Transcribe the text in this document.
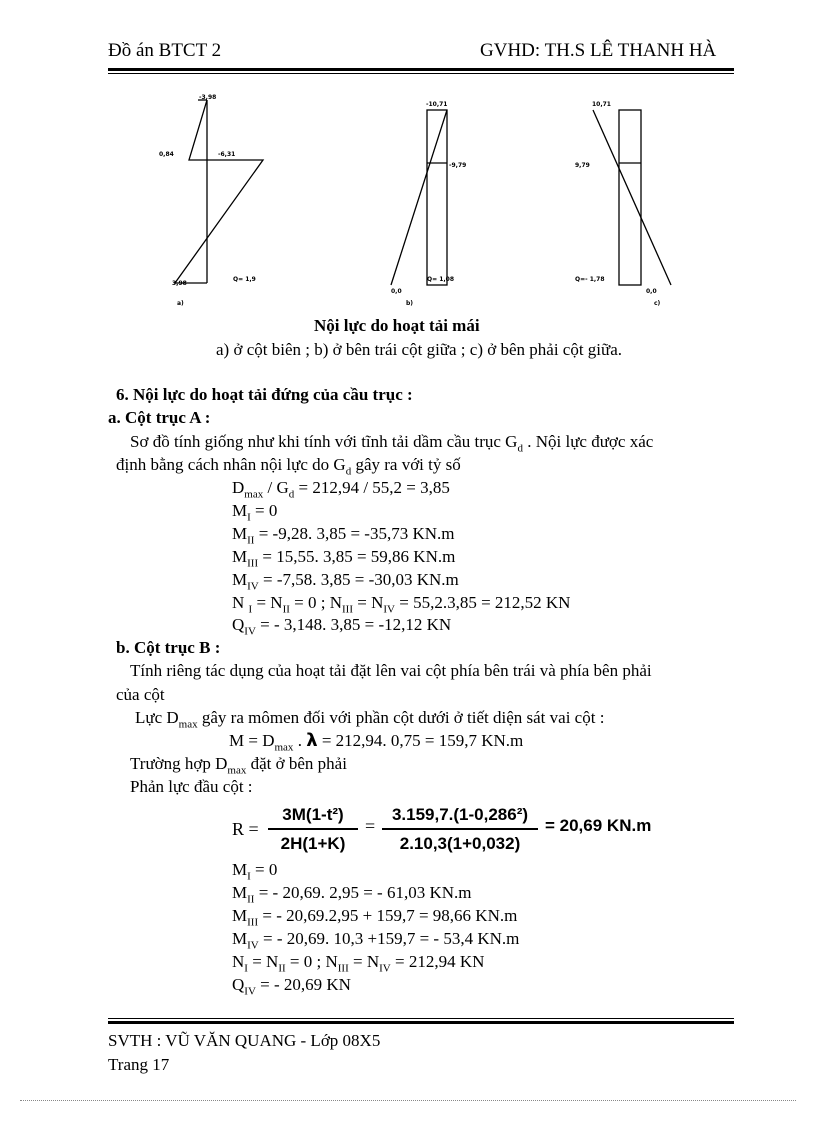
Đồ án BTCT 2	GVHD: TH.S LÊ THANH HÀ
-3,98
0,84	-6,31
3,98
Q= 1,9
a)
-10,71
-9,79
0,0
Q= 1,08
b)
10,71
9,79
0,0
Q=- 1,78
c)
Nội lực do hoạt tải mái
a) ở cột biên ; b) ở bên trái cột giữa ; c) ở bên phải cột giữa.
6. Nội lực do hoạt tải đứng của cầu trục :
a. Cột trục A :
Sơ đồ tính giống như khi tính với tĩnh tải dầm cầu trục $G_d$ . Nội lực được xác
định bằng cách nhân nội lực do $G_d$ gây ra với tỷ số
$D_{max} / G_d = 212,94 / 55,2 = 3,85$
$M_I = 0$
$M_{II} = -9,28$. 3,85 = -35,73 KN.m
$M_{III} = 15,55$. 3,85 = 59,86 KN.m
$M_{IV} = -7,58$. 3,85 = -30,03 KN.m
N $_I = N_{II} = 0$ ; $N_{III} = N_{IV} = 55,2.3,85 = 212,52$ KN
$Q_{IV}$ = - 3,148. 3,85 = -12,12 KN
b. Cột trục B :
Tính riêng tác dụng của hoạt tải đặt lên vai cột phía bên trái và phía bên phải
của cột
Lực $D_{max}$ gây ra mômen đối với phần cột dưới ở tiết diện sát vai cột :
$M = D_{max}$ . λ = 212,94. 0,75 = 159,7 KN.m
Trường hợp $D_{max}$ đặt ở bên phải
Phản lực đầu cột :
R =
3M(1-t²)
2H(1+K)
=
3.159,7.(1-0,286²)
2.10,3(1+0,032)
= 20,69 KN.m
$M_I = 0$
$M_{II}$ = - 20,69. 2,95 = - 61,03 KN.m
$M_{III}$ = - 20,69.2,95 + 159,7 = 98,66 KN.m
$M_{IV}$ = - 20,69. 10,3 +159,7 = - 53,4 KN.m
$N_I = N_{II} = 0$ ; $N_{III} = N_{IV} = 212,94$ KN
$Q_{IV}$ = - 20,69 KN
SVTH : VŨ VĂN QUANG - Lớp 08X5
Trang 17
